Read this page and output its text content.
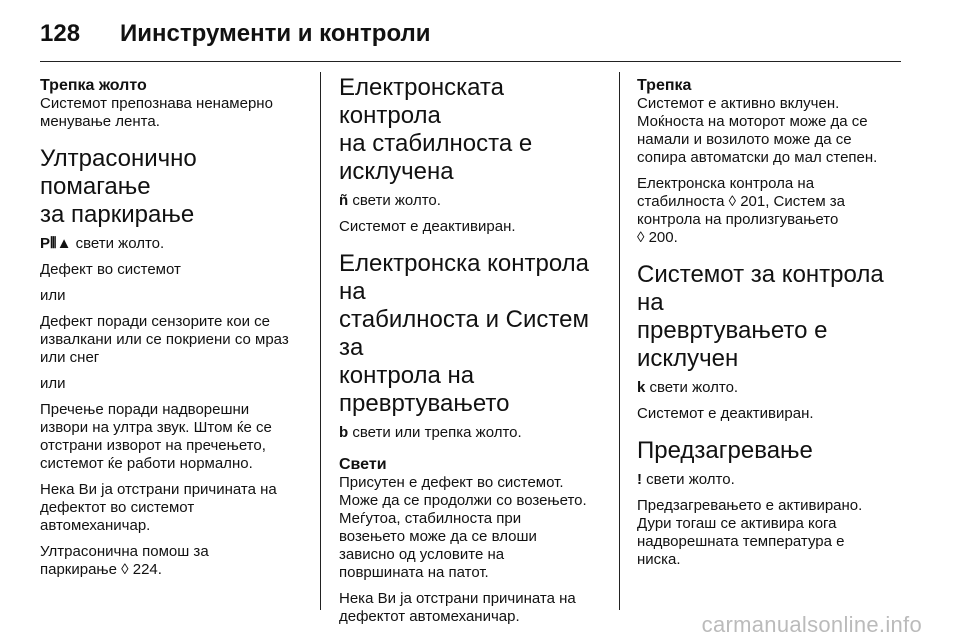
128 Иинструменти и контроли
Трепка жолто
Системот препознава ненамерно
менување лента.
Ултрасонично помагање
за паркирање
P⦀▲ свети жолто.
Дефект во системот
или
Дефект поради сензорите кои се
извалкани или се покриени со мраз
или снег
или
Пречење поради надворешни
извори на ултра звук. Штом ќе се
отстрани изворот на пречењето,
системот ќе работи нормално.
Нека Ви ја отстрани причината на
дефектот во системот
автомеханичар.
Ултрасонична помош за
паркирање ◊ 224.
Електронската контрола
на стабилноста е
исклучена
ñ свети жолто.
Системот е деактивиран.
Електронска контрола на
стабилноста и Систем за
контрола на
превртувањето
b свети или трепка жолто.
Свети
Присутен е дефект во системот.
Може да се продолжи со возењето.
Меѓутоа, стабилноста при
возењето може да се влоши
зависно од условите на
површината на патот.
Нека Ви ја отстрани причината на
дефектот автомеханичар.
Трепка
Системот е активно вклучен.
Моќноста на моторот може да се
намали и возилото може да се
сопира автоматски до мал степен.
Електронска контрола на
стабилноста ◊ 201, Систем за
контрола на пролизгувањето
◊ 200.
Системот за контрола на
превртувањето е
исклучен
k свети жолто.
Системот е деактивиран.
Предзагревање
! свети жолто.
Предзагревањето е активирано.
Дури тогаш се активира кога
надворешната температура е
ниска.
carmanualsonline.info
